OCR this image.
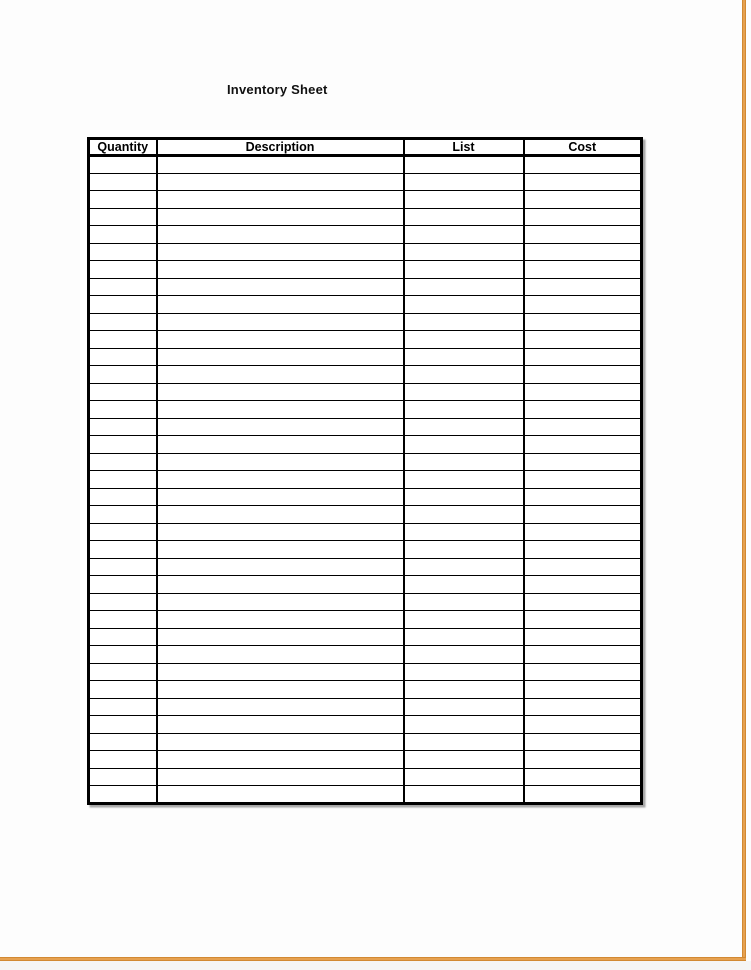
Inventory Sheet
Quantity	Description	List	Cost
